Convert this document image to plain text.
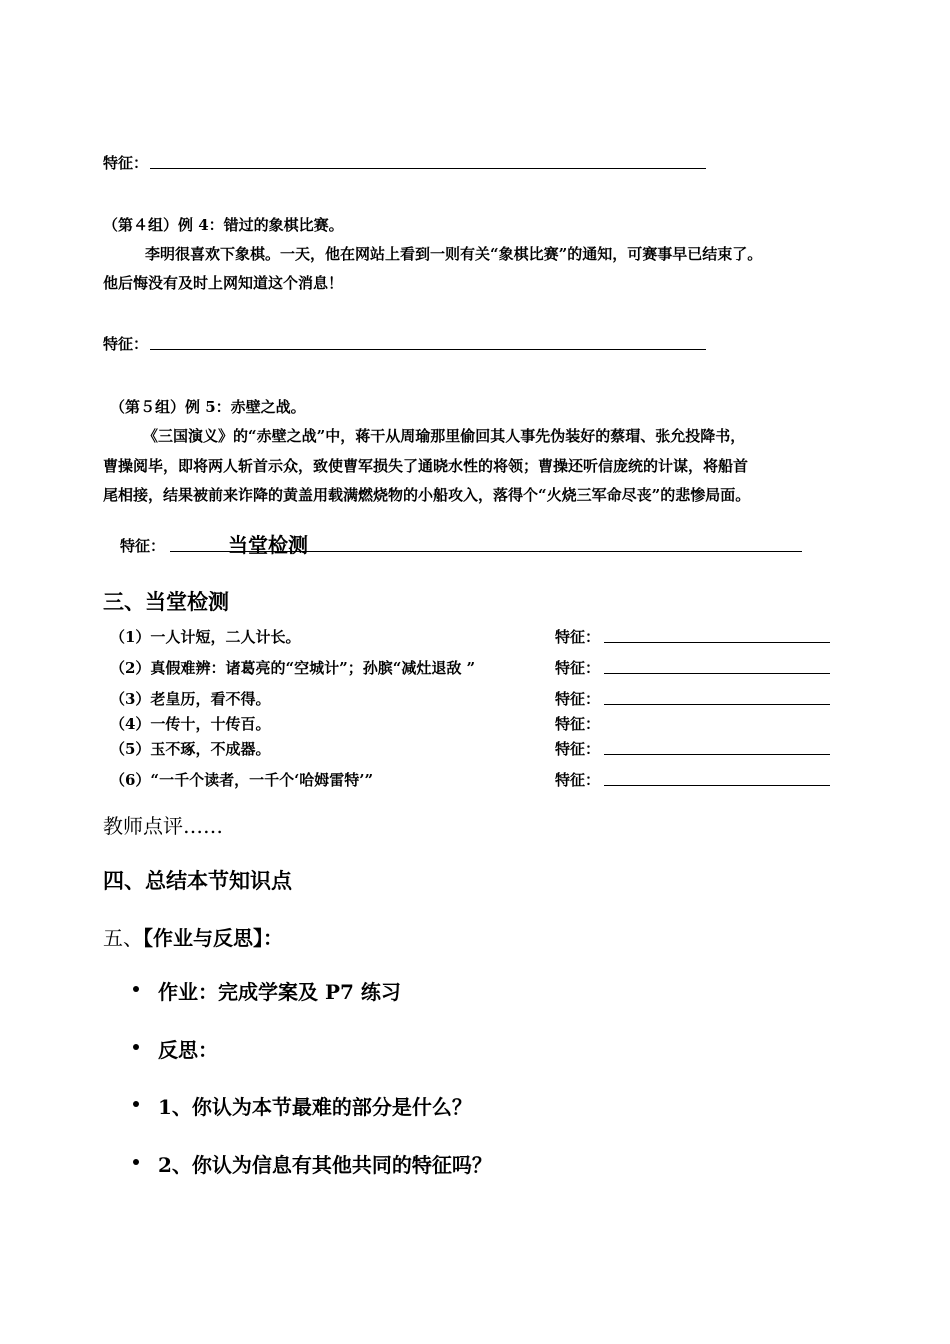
特征：
（第４组）例 4：错过的象棋比赛。
李明很喜欢下象棋。一天，他在网站上看到一则有关“象棋比赛”的通知，可赛事早已结束了。
他后悔没有及时上网知道这个消息！
特征：
（第５组）例 5：赤壁之战。
《三国演义》的“赤壁之战”中，蒋干从周瑜那里偷回其人事先伪装好的蔡瑁、张允投降书，
曹操阅毕，即将两人斩首示众，致使曹军损失了通晓水性的将领；曹操还听信庞统的计谋，将船首
尾相接，结果被前来诈降的黄盖用载满燃烧物的小船攻入，落得个“火烧三军命尽丧”的悲惨局面。
特征：	当堂检测
三、当堂检测
（1）一人计短，二人计长。	特征：
（2）真假难辨：诸葛亮的“空城计”；孙膑“减灶退敌 ”	特征：
（3）老皇历，看不得。	特征：
（4）一传十，十传百。	特征：
（5）玉不琢，不成器。	特征：
（6）“一千个读者，一千个‘哈姆雷特’”	特征：
教师点评……
四、总结本节知识点
五、【作业与反思】：
作业：完成学案及 P7 练习
反思：
1、你认为本节最难的部分是什么？
2、你认为信息有其他共同的特征吗？
